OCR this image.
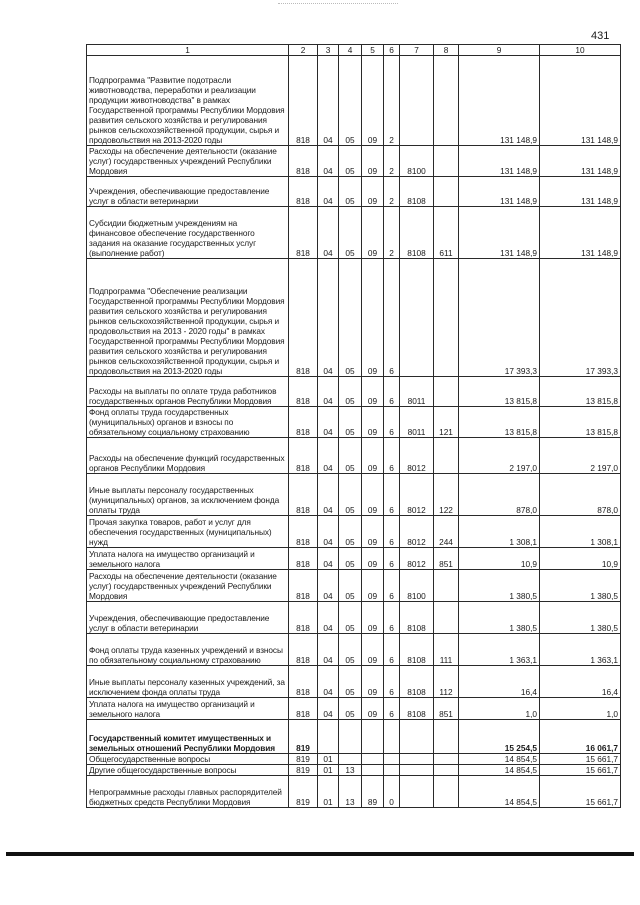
431
1	2	3	4	5	6	7	8	9	10
Подпрограмма "Развитие подотрасли животноводства, переработки и реализации продукции животноводства" в рамках Государственной программы Республики Мордовия развития сельского хозяйства и регулирования рынков сельскохозяйственной продукции, сырья и продовольствия на 2013-2020 годы	818	04	05	09	2			131 148,9	131 148,9
Расходы на обеспечение деятельности (оказание услуг) государственных учреждений Республики Мордовия	818	04	05	09	2	8100		131 148,9	131 148,9
Учреждения, обеспечивающие предоставление услуг в области ветеринарии	818	04	05	09	2	8108		131 148,9	131 148,9
Субсидии бюджетным учреждениям на финансовое обеспечение государственного задания на оказание государственных услуг (выполнение работ)	818	04	05	09	2	8108	611	131 148,9	131 148,9
Подпрограмма "Обеспечение реализации Государственной программы Республики Мордовия развития сельского хозяйства и регулирования рынков сельскохозяйственной продукции, сырья и продовольствия на 2013 - 2020 годы" в рамках Государственной программы Республики Мордовия развития сельского хозяйства и регулирования рынков сельскохозяйственной продукции, сырья и продовольствия на 2013-2020 годы	818	04	05	09	6			17 393,3	17 393,3
Расходы на выплаты по оплате труда работников государственных органов Республики Мордовия	818	04	05	09	6	8011		13 815,8	13 815,8
Фонд оплаты труда государственных (муниципальных) органов и взносы по обязательному социальному страхованию	818	04	05	09	6	8011	121	13 815,8	13 815,8
Расходы на обеспечение функций государственных органов Республики Мордовия	818	04	05	09	6	8012		2 197,0	2 197,0
Иные выплаты персоналу государственных (муниципальных) органов, за исключением фонда оплаты труда	818	04	05	09	6	8012	122	878,0	878,0
Прочая закупка товаров, работ и услуг для обеспечения государственных (муниципальных) нужд	818	04	05	09	6	8012	244	1 308,1	1 308,1
Уплата налога на имущество организаций и земельного налога	818	04	05	09	6	8012	851	10,9	10,9
Расходы на обеспечение деятельности (оказание услуг) государственных учреждений Республики Мордовия	818	04	05	09	6	8100		1 380,5	1 380,5
Учреждения, обеспечивающие предоставление услуг в области ветеринарии	818	04	05	09	6	8108		1 380,5	1 380,5
Фонд оплаты труда казенных учреждений и взносы по обязательному социальному страхованию	818	04	05	09	6	8108	111	1 363,1	1 363,1
Иные выплаты персоналу казенных учреждений, за исключением фонда оплаты труда	818	04	05	09	6	8108	112	16,4	16,4
Уплата налога на имущество организаций и земельного налога	818	04	05	09	6	8108	851	1,0	1,0
Государственный комитет имущественных и земельных отношений Республики Мордовия	819							15 254,5	16 061,7
Общегосударственные вопросы	819	01						14 854,5	15 661,7
Другие общегосударственные вопросы	819	01	13					14 854,5	15 661,7
Непрограммные расходы главных распорядителей бюджетных средств Республики Мордовия	819	01	13	89	0			14 854,5	15 661,7
